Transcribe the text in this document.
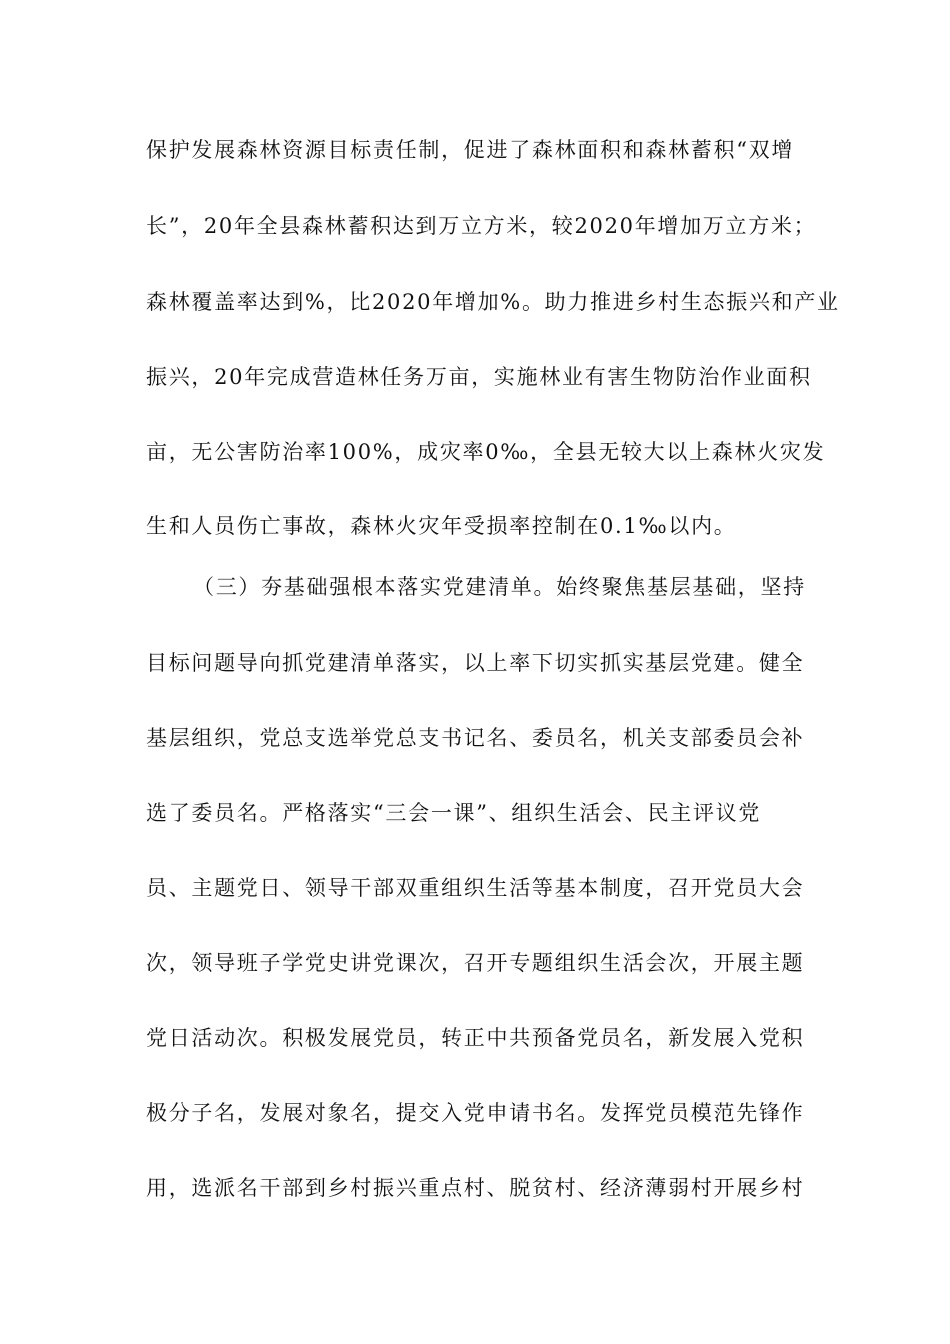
保护发展森林资源目标责任制，促进了森林面积和森林蓄积“双增
长”，20年全县森林蓄积达到万立方米，较2020年增加万立方米；
森林覆盖率达到%，比2020年增加%。助力推进乡村生态振兴和产业
振兴，20年完成营造林任务万亩，实施林业有害生物防治作业面积
亩，无公害防治率100%，成灾率0‰，全县无较大以上森林火灾发
生和人员伤亡事故，森林火灾年受损率控制在0.1‰以内。
（三）夯基础强根本落实党建清单。始终聚焦基层基础，坚持
目标问题导向抓党建清单落实，以上率下切实抓实基层党建。健全
基层组织，党总支选举党总支书记名、委员名，机关支部委员会补
选了委员名。严格落实“三会一课”、组织生活会、民主评议党
员、主题党日、领导干部双重组织生活等基本制度，召开党员大会
次，领导班子学党史讲党课次，召开专题组织生活会次，开展主题
党日活动次。积极发展党员，转正中共预备党员名，新发展入党积
极分子名，发展对象名，提交入党申请书名。发挥党员模范先锋作
用，选派名干部到乡村振兴重点村、脱贫村、经济薄弱村开展乡村
